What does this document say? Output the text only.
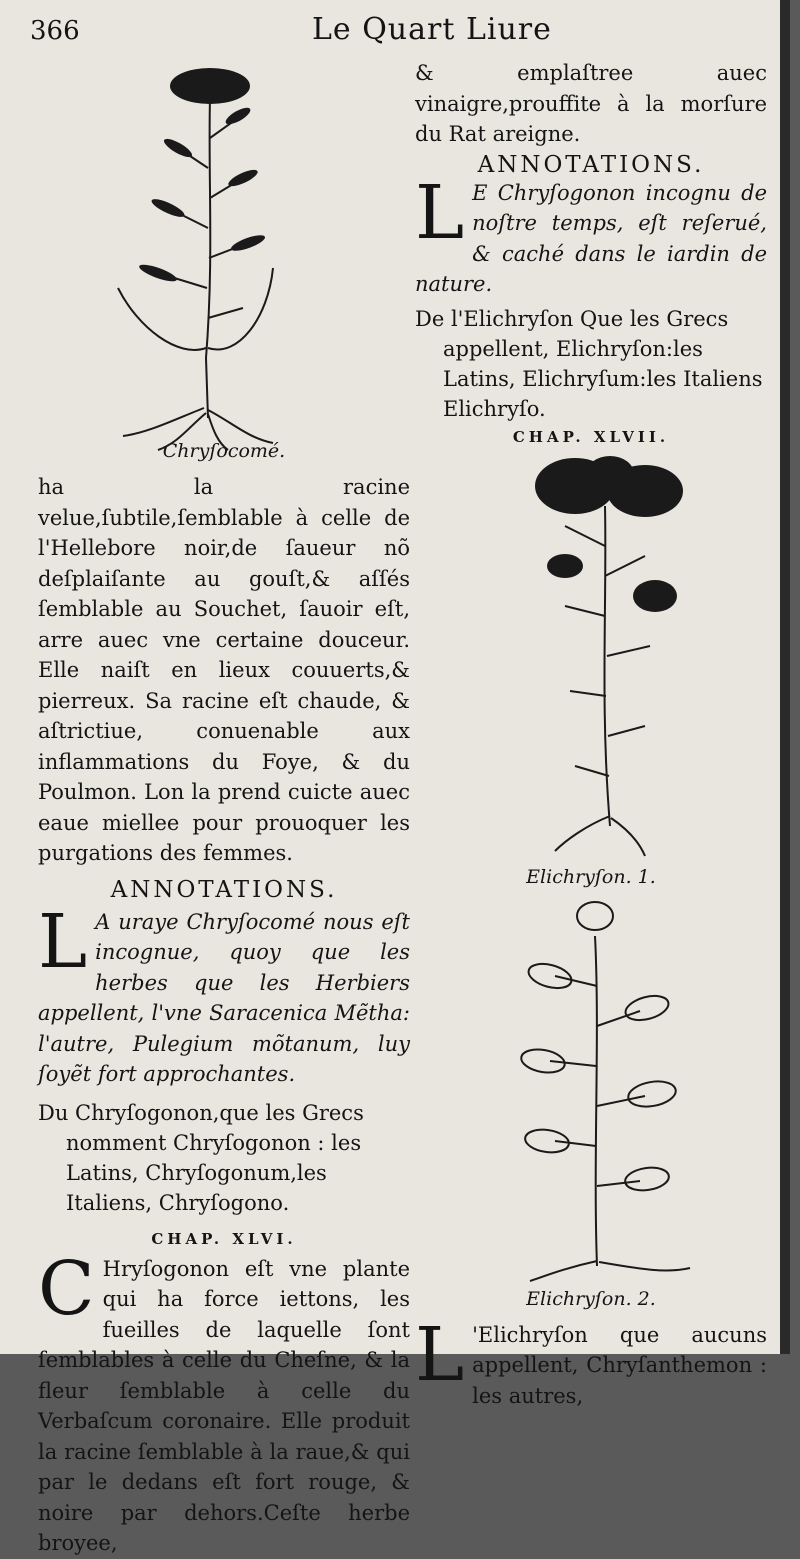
366	Le Quart Liure
Chryſocomé.

ha la racine velue,ſubtile,ſemblable à celle de l'Hellebore noir,de ſaueur nõ deſplaiſante au gouſt,& aſſés ſemblable au Souchet, ſauoir eſt, arre auec vne certaine douceur. Elle naiſt en lieux couuerts,& pierreux. Sa racine eſt chaude, & aſtrictiue, conuenable aux inflammations du Foye, & du Poulmon. Lon la prend cuicte auec eaue miellee pour prouoquer les purgations des femmes.

ANNOTATIONS.

L A uraye Chryſocomé nous eſt incognue, quoy que les herbes que les Herbiers appellent, l'vne Saracenica Mẽtha: l'autre, Pulegium mõtanum, luy ſoyẽt fort approchantes.

Du Chryſogonon,que les Grecs nomment Chryſogonon : les Latins, Chryſogonum,les Italiens, Chryſogono.

CHAP. XLVI.

C Hryſogonon eſt vne plante qui ha force iettons, les fueilles de laquelle ſont ſemblables à celle du Cheſne, & la fleur ſemblable à celle du Verbaſcum coronaire. Elle produit la racine ſemblable à la raue,& qui par le dedans eſt fort rouge, & noire par dehors.Ceſte herbe broyee,

& emplaſtree auec vinaigre,prouffite à la morſure du Rat areigne.

ANNOTATIONS.

L E Chryſogonon incognu de noſtre temps, eſt reſerué, & caché dans le iardin de nature.

De l'Elichryſon Que les Grecs appellent, Elichryſon:les Latins, Elichryſum:les Italiens Elichryſo.

CHAP. XLVII.

Elichryſon. 1.
Elichryſon. 2.
L 'Elichryſon que aucuns appellent, Chryſanthemon : les autres,
